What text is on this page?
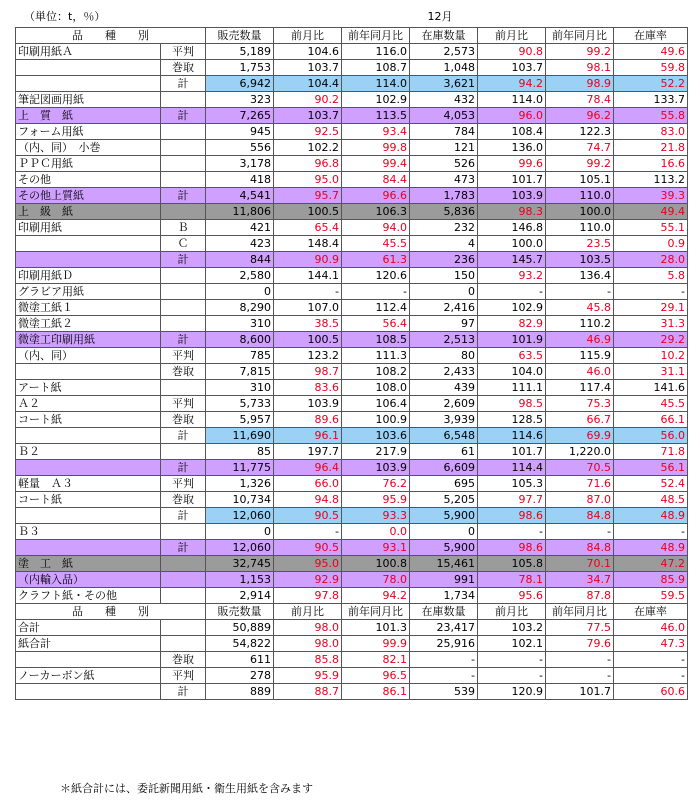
（単位：t，％）	12月
品　　種　　別		販売数量	前月比	前年同月比	在庫数量	前月比	前年同月比	在庫率
印刷用紙Ａ	平判	5,189	104.6	116.0	2,573	90.8	99.2	49.6
	巻取	1,753	103.7	108.7	1,048	103.7	98.1	59.8
	計	6,942	104.4	114.0	3,621	94.2	98.9	52.2
筆記図画用紙		323	90.2	102.9	432	114.0	78.4	133.7
上　質　紙	計	7,265	103.7	113.5	4,053	96.0	96.2	55.8
フォーム用紙		945	92.5	93.4	784	108.4	122.3	83.0
（内、同）　小巻		556	102.2	99.8	121	136.0	74.7	21.8
ＰＰＣ用紙		3,178	96.8	99.4	526	99.6	99.2	16.6
その他		418	95.0	84.4	473	101.7	105.1	113.2
その他上質紙	計	4,541	95.7	96.6	1,783	103.9	110.0	39.3
上　級　紙		11,806	100.5	106.3	5,836	98.3	100.0	49.4
印刷用紙	Ｂ	421	65.4	94.0	232	146.8	110.0	55.1
	Ｃ	423	148.4	45.5	4	100.0	23.5	0.9
	計	844	90.9	61.3	236	145.7	103.5	28.0
印刷用紙Ｄ		2,580	144.1	120.6	150	93.2	136.4	5.8
グラビア用紙		0	-	-	0	-	-	-
微塗工紙１		8,290	107.0	112.4	2,416	102.9	45.8	29.1
微塗工紙２		310	38.5	56.4	97	82.9	110.2	31.3
微塗工印刷用紙	計	8,600	100.5	108.5	2,513	101.9	46.9	29.2
（内、同）	平判	785	123.2	111.3	80	63.5	115.9	10.2
	巻取	7,815	98.7	108.2	2,433	104.0	46.0	31.1
アート紙		310	83.6	108.0	439	111.1	117.4	141.6
Ａ２	平判	5,733	103.9	106.4	2,609	98.5	75.3	45.5
コート紙	巻取	5,957	89.6	100.9	3,939	128.5	66.7	66.1
	計	11,690	96.1	103.6	6,548	114.6	69.9	56.0
Ｂ２		85	197.7	217.9	61	101.7	1,220.0	71.8
	計	11,775	96.4	103.9	6,609	114.4	70.5	56.1
軽量　Ａ３	平判	1,326	66.0	76.2	695	105.3	71.6	52.4
コート紙	巻取	10,734	94.8	95.9	5,205	97.7	87.0	48.5
	計	12,060	90.5	93.3	5,900	98.6	84.8	48.9
Ｂ３		0	-	0.0	0	-	-	-
	計	12,060	90.5	93.1	5,900	98.6	84.8	48.9
塗　工　紙		32,745	95.0	100.8	15,461	105.8	70.1	47.2
（内輸入品）		1,153	92.9	78.0	991	78.1	34.7	85.9
クラフト紙・その他		2,914	97.8	94.2	1,734	95.6	87.8	59.5
品　　種　　別		販売数量	前月比	前年同月比	在庫数量	前月比	前年同月比	在庫率
合計		50,889	98.0	101.3	23,417	103.2	77.5	46.0
紙合計		54,822	98.0	99.9	25,916	102.1	79.6	47.3
	巻取	611	85.8	82.1	-	-	-	-
ノーカーボン紙	平判	278	95.9	96.5	-	-	-	-
	計	889	88.7	86.1	539	120.9	101.7	60.6
＊紙合計には、委託新聞用紙・衛生用紙を含みます
